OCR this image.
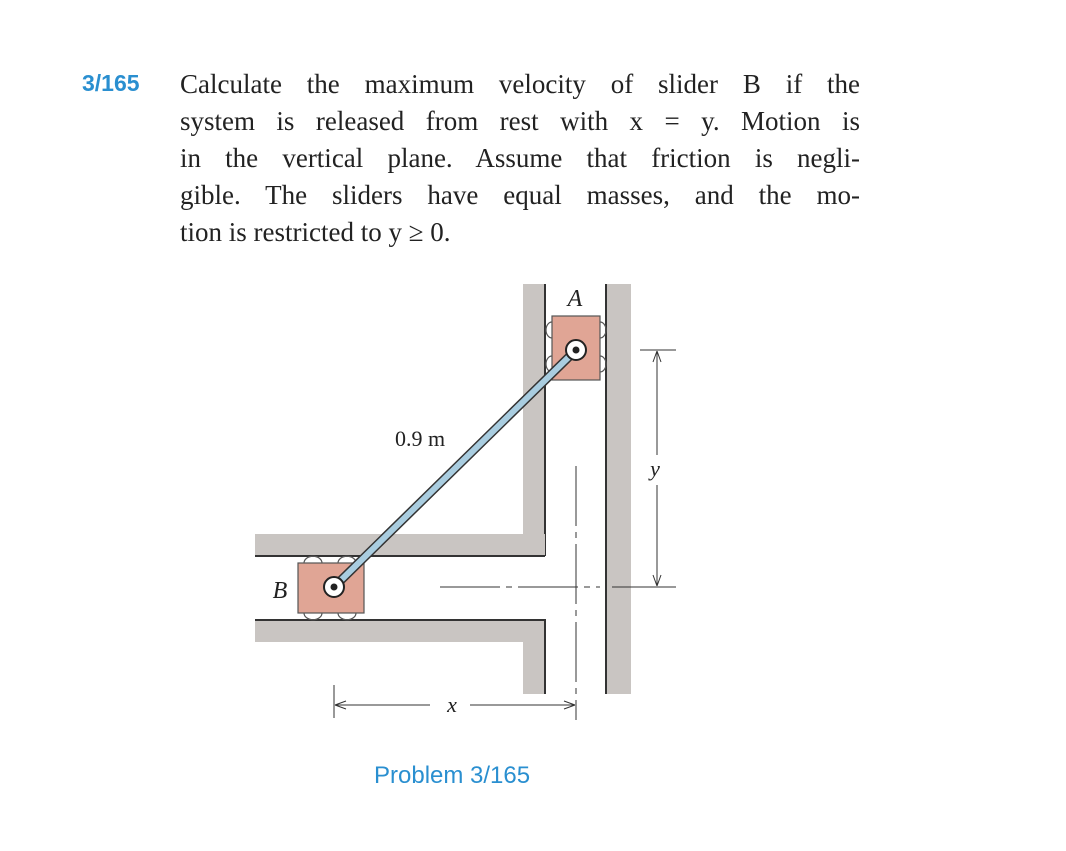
3/165 Calculate the maximum velocity of slider B if the
system is released from rest with x = y. Motion is
in the vertical plane. Assume that friction is negli-
gible. The sliders have equal masses, and the mo-
tion is restricted to y ≥ 0.
A
B
0.9 m
x
y
Problem 3/165
